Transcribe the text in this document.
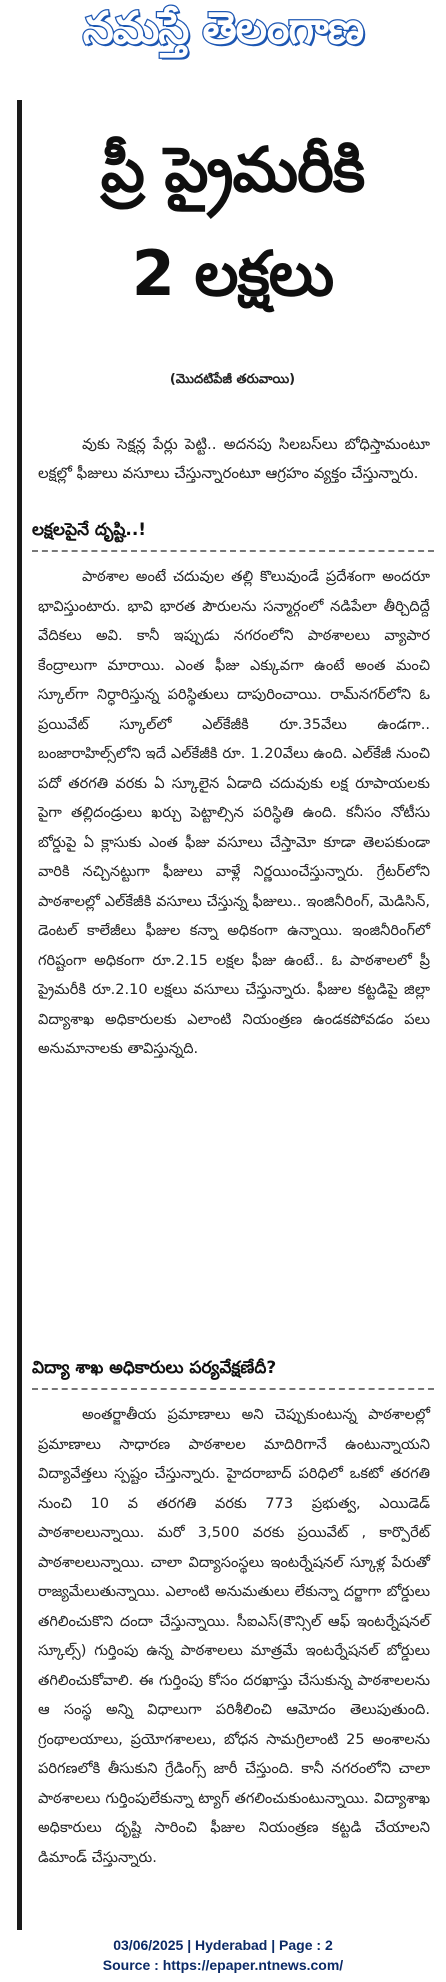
నమస్తే తెలంగాణ
ప్రీ ప్రైమరీకి
2 లక్షలు
(మొదటిపేజీ తరువాయి)
వుకు సెక్షన్ల పేర్లు పెట్టి.. అదనపు సిలబస్‌లు బోధిస్తామంటూ లక్షల్లో ఫీజులు వసూలు చేస్తున్నారంటూ ఆగ్రహం వ్యక్తం చేస్తున్నారు.
లక్షలపైనే దృష్టి..!
పాఠశాల అంటే చదువుల తల్లి కొలువుండే ప్రదేశంగా అందరూ భావిస్తుంటారు. భావి భారత పౌరులను సన్మార్గంలో నడిపేలా తీర్చిదిద్దే వేదికలు అవి. కానీ ఇప్పుడు నగరంలోని పాఠశాలలు వ్యాపార కేంద్రాలుగా మారాయి. ఎంత ఫీజు ఎక్కువగా ఉంటే అంత మంచి స్కూల్‌గా నిర్ధారిస్తున్న పరిస్థితులు దాపురించాయి. రామ్‌నగర్‌లోని ఓ ప్రయివేట్ స్కూల్‌లో ఎల్‌కేజీకి రూ.35వేలు ఉండగా.. బంజారాహిల్స్‌లోని ఇదే ఎల్‌కేజీకి రూ. 1.20వేలు ఉంది. ఎల్‌కేజీ నుంచి పదో తరగతి వరకు ఏ స్కూలైన ఏడాది చదువుకు లక్ష రూపాయలకు పైగా తల్లిదండ్రులు ఖర్చు పెట్టాల్సిన పరిస్థితి ఉంది. కనీసం నోటీసు బోర్డుపై ఏ క్లాసుకు ఎంత ఫీజు వసూలు చేస్తామో కూడా తెలపకుండా వారికి నచ్చినట్టుగా ఫీజులు వాళ్లే నిర్ణయించేస్తున్నారు. గ్రేటర్‌లోని పాఠశాలల్లో ఎల్‌కేజీకి వసూలు చేస్తున్న ఫీజులు.. ఇంజినీరింగ్, మెడిసిన్, డెంటల్ కాలేజీలు ఫీజుల కన్నా అధికంగా ఉన్నాయి. ఇంజినీరింగ్‌లో గరిష్టంగా అధికంగా రూ.2.15 లక్షల ఫీజు ఉంటే.. ఓ పాఠశాలలో ప్రీ ప్రైమరీకి రూ.2.10 లక్షలు వసూలు చేస్తున్నారు. ఫీజుల కట్టడిపై జిల్లా విద్యాశాఖ అధికారులకు ఎలాంటి నియంత్రణ ఉండకపోవడం పలు అనుమానాలకు తావిస్తున్నది.
విద్యా శాఖ అధికారులు పర్యవేక్షణేదీ?
అంతర్జాతీయ ప్రమాణాలు అని చెప్పుకుంటున్న పాఠశాలల్లో ప్రమాణాలు సాధారణ పాఠశాలల మాదిరిగానే ఉంటున్నాయని విద్యావేత్తలు స్పష్టం చేస్తున్నారు. హైదరాబాద్ పరిధిలో ఒకటో తరగతి నుంచి 10 వ తరగతి వరకు 773 ప్రభుత్వ, ఎయిడెడ్ పాఠశాలలున్నాయి. మరో 3,500 వరకు ప్రయివేట్ , కార్పొరేట్ పాఠశాలలున్నాయి. చాలా విద్యాసంస్థలు ఇంటర్నేషనల్ స్కూళ్ల పేరుతో రాజ్యమేలుతున్నాయి. ఎలాంటి అనుమతులు లేకున్నా దర్జాగా బోర్డులు తగిలించుకొని దందా చేస్తున్నాయి. సీఐఎస్(కౌన్సిల్ ఆఫ్ ఇంటర్నేషనల్ స్కూల్స్) గుర్తింపు ఉన్న పాఠశాలలు మాత్రమే ఇంటర్నేషనల్ బోర్డులు తగిలించుకోవాలి. ఈ గుర్తింపు కోసం దరఖాస్తు చేసుకున్న పాఠశాలలను ఆ సంస్థ అన్ని విధాలుగా పరిశీలించి ఆమోదం తెలుపుతుంది. గ్రంథాలయాలు, ప్రయోగశాలలు, బోధన సామగ్రిలాంటి 25 అంశాలను పరిగణలోకి తీసుకుని గ్రేడింగ్స్ జారీ చేస్తుంది. కానీ నగరంలోని చాలా పాఠశాలలు గుర్తింపులేకున్నా ట్యాగ్ తగలించుకుంటున్నాయి. విద్యాశాఖ అధికారులు దృష్టి సారించి ఫీజుల నియంత్రణ కట్టడి చేయాలని డిమాండ్ చేస్తున్నారు.
03/06/2025 | Hyderabad | Page : 2
Source : https://epaper.ntnews.com/
